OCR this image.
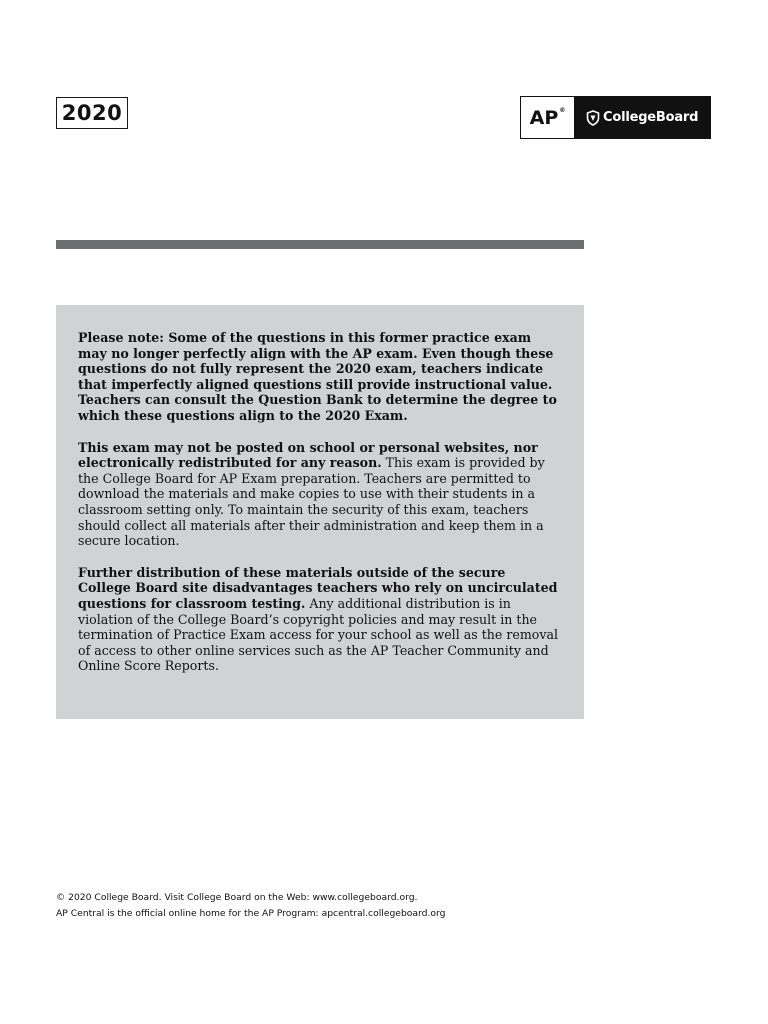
2020	AP ®	CollegeBoard

Please note: Some of the questions in this former practice exam may no longer perfectly align with the AP exam. Even though these questions do not fully represent the 2020 exam, teachers indicate that imperfectly aligned questions still provide instructional value. Teachers can consult the Question Bank to determine the degree to which these questions align to the 2020 Exam.

This exam may not be posted on school or personal websites, nor electronically redistributed for any reason. This exam is provided by the College Board for AP Exam preparation. Teachers are permitted to download the materials and make copies to use with their students in a classroom setting only. To maintain the security of this exam, teachers should collect all materials after their administration and keep them in a secure location.

Further distribution of these materials outside of the secure College Board site disadvantages teachers who rely on uncirculated questions for classroom testing. Any additional distribution is in violation of the College Board’s copyright policies and may result in the termination of Practice Exam access for your school as well as the removal of access to other online services such as the AP Teacher Community and Online Score Reports.

© 2020 College Board. Visit College Board on the Web: www.collegeboard.org.
AP Central is the official online home for the AP Program: apcentral.collegeboard.org
